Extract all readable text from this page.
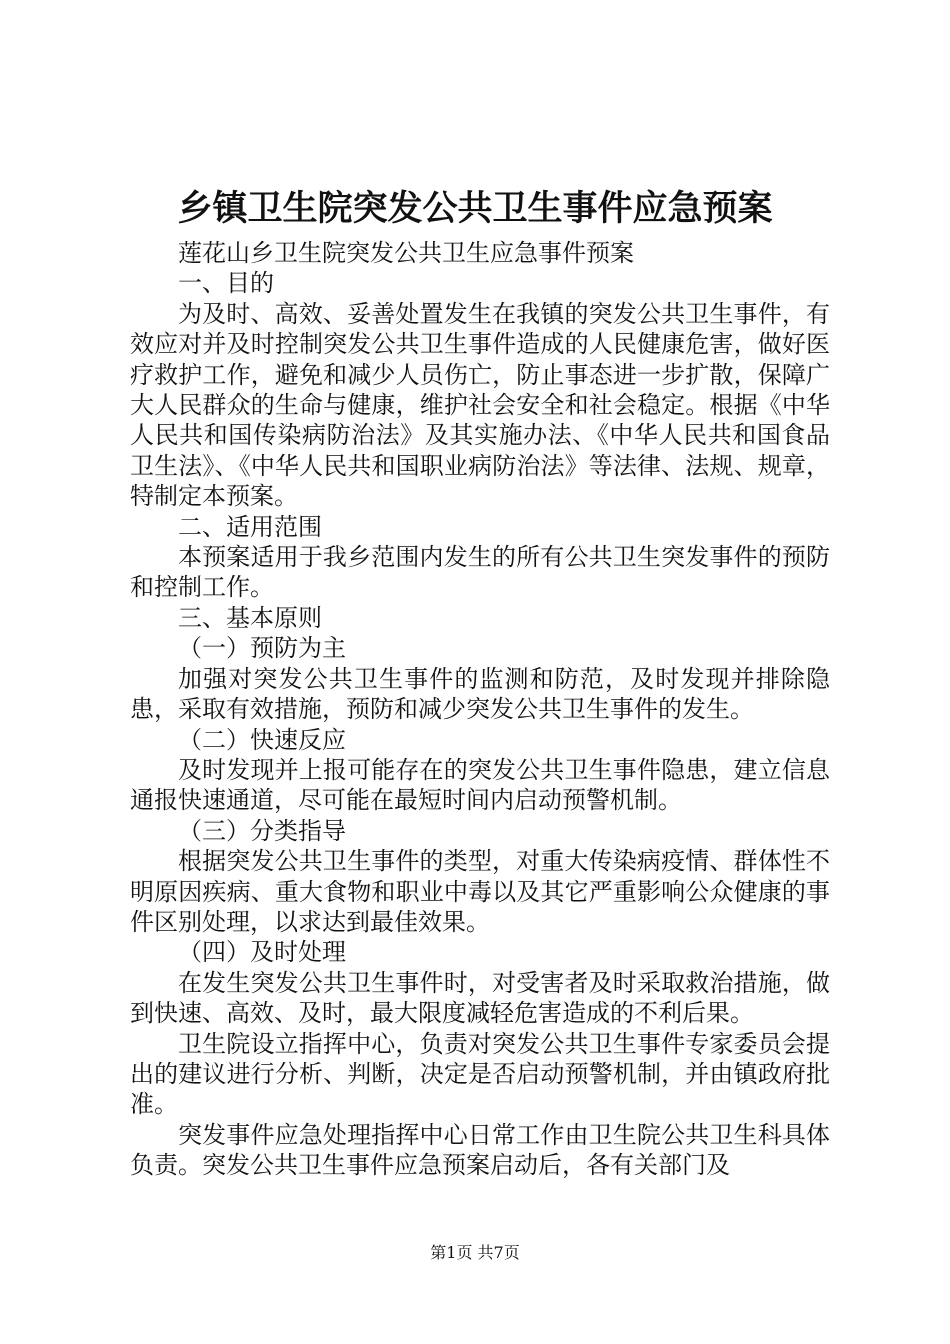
乡镇卫生院突发公共卫生事件应急预案

莲花山乡卫生院突发公共卫生应急事件预案

一、目的

为及时、高效、妥善处置发生在我镇的突发公共卫生事件，有效应对并及时控制突发公共卫生事件造成的人民健康危害，做好医疗救护工作，避免和减少人员伤亡，防止事态进一步扩散，保障广大人民群众的生命与健康，维护社会安全和社会稳定。根据《中华人民共和国传染病防治法》及其实施办法、《中华人民共和国食品卫生法》、《中华人民共和国职业病防治法》等法律、法规、规章，特制定本预案。

二、适用范围

本预案适用于我乡范围内发生的所有公共卫生突发事件的预防和控制工作。

三、基本原则

（一）预防为主

加强对突发公共卫生事件的监测和防范，及时发现并排除隐患，采取有效措施，预防和减少突发公共卫生事件的发生。

（二）快速反应

及时发现并上报可能存在的突发公共卫生事件隐患，建立信息通报快速通道，尽可能在最短时间内启动预警机制。

（三）分类指导

根据突发公共卫生事件的类型，对重大传染病疫情、群体性不明原因疾病、重大食物和职业中毒以及其它严重影响公众健康的事件区别处理，以求达到最佳效果。

（四）及时处理

在发生突发公共卫生事件时，对受害者及时采取救治措施，做到快速、高效、及时，最大限度减轻危害造成的不利后果。

卫生院设立指挥中心，负责对突发公共卫生事件专家委员会提出的建议进行分析、判断，决定是否启动预警机制，并由镇政府批准。

突发事件应急处理指挥中心日常工作由卫生院公共卫生科具体负责。突发公共卫生事件应急预案启动后，各有关部门及

第1页 共7页
